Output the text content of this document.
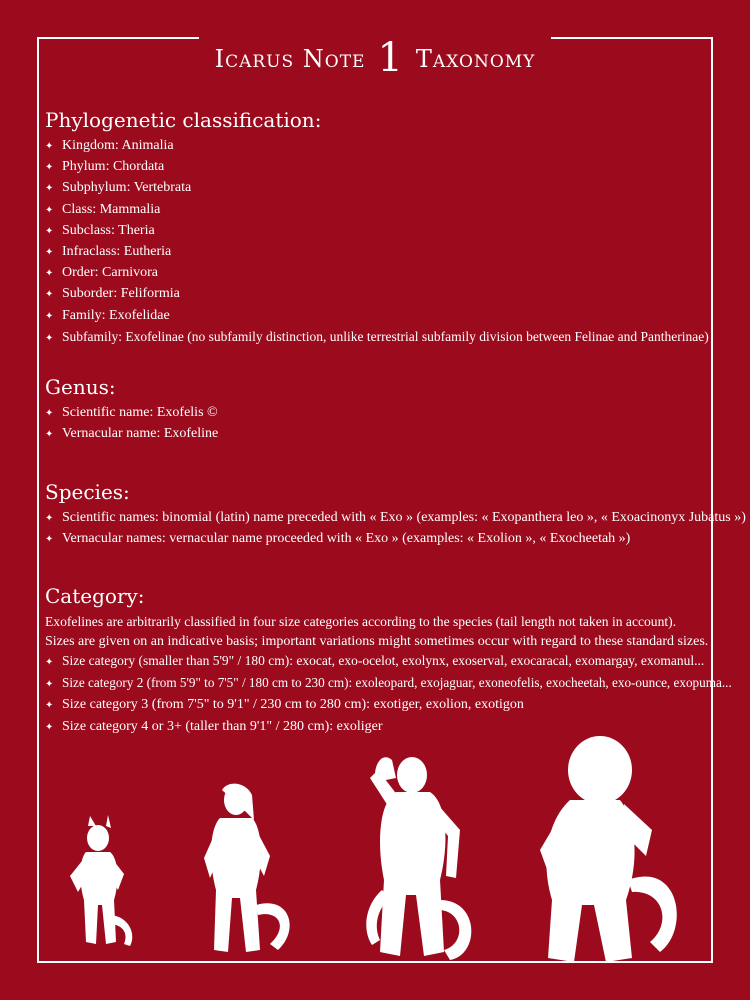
Icarus Note 1 Taxonomy
Phylogenetic classification:
✦ Kingdom: Animalia
✦ Phylum: Chordata
✦ Subphylum: Vertebrata
✦ Class: Mammalia
✦ Subclass: Theria
✦ Infraclass: Eutheria
✦ Order: Carnivora
✦ Suborder: Feliformia
✦ Family: Exofelidae
✦ Subfamily: Exofelinae (no subfamily distinction, unlike terrestrial subfamily division between Felinae and Pantherinae)
Genus:
✦ Scientific name: Exofelis ©
✦ Vernacular name: Exofeline
Species:
✦ Scientific names: binomial (latin) name preceded with « Exo » (examples: « Exopanthera leo », « Exoacinonyx Jubatus »)
✦ Vernacular names: vernacular name proceeded with « Exo » (examples: « Exolion », « Exocheetah »)
Category:
Exofelines are arbitrarily classified in four size categories according to the species (tail length not taken in account).
Sizes are given on an indicative basis; important variations might sometimes occur with regard to these standard sizes.
✦ Size category (smaller than 5'9" / 180 cm): exocat, exo-ocelot, exolynx, exoserval, exocaracal, exomargay, exomanul...
✦ Size category 2 (from 5'9" to 7'5" / 180 cm to 230 cm): exoleopard, exojaguar, exoneofelis, exocheetah, exo-ounce, exopuma...
✦ Size category 3 (from 7'5" to 9'1" / 230 cm to 280 cm): exotiger, exolion, exotigon
✦ Size category 4 or 3+ (taller than 9'1" / 280 cm): exoliger
